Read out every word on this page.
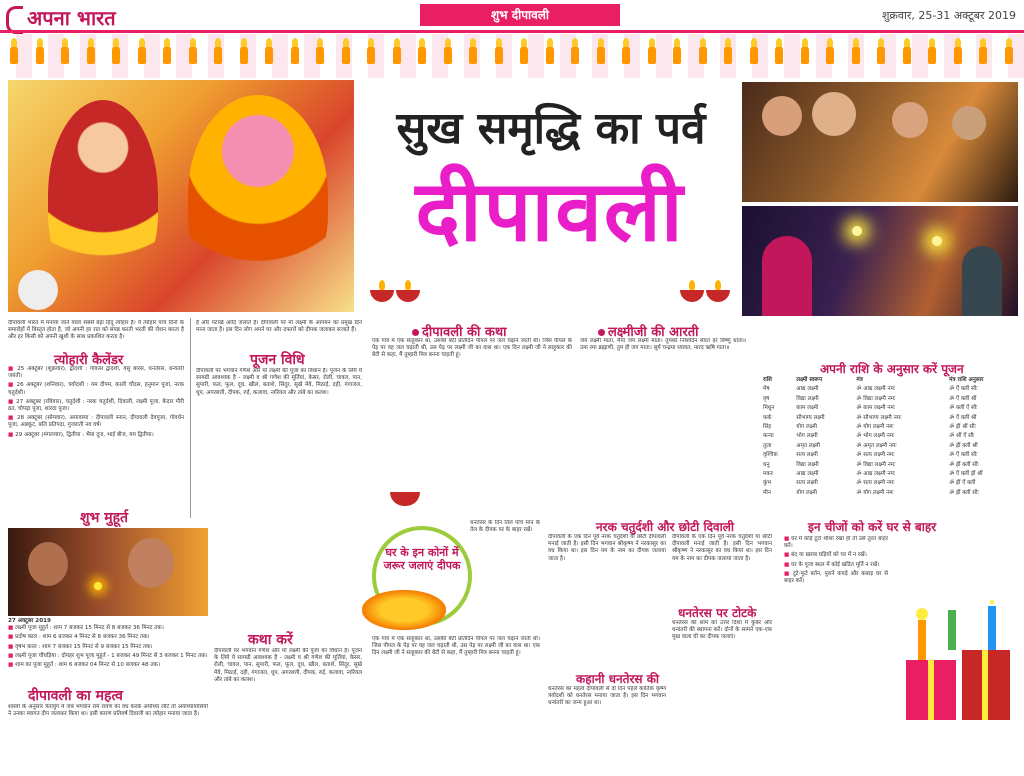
अपना भारत	शुभ दीपावली	शुक्रवार, 25-31 अक्टूबर 2019
सुख समृद्धि का पर्व
दीपावली
दीपावली भारत में मनाया जाने वाला सबसे बड़ा हिंदू त्योहार है। ये त्योहार पांच दिनों के समारोहों में विस्तृत होता है, जो अपनी हर रात को संपन्न करती भरती की रोशन करता है और हर किसी को अपनी खुशी के साथ प्रकाशित करता है।
त्योहारी कैलेंडर
■ 25 अक्टूबर (शुक्रवार), द्वादशी : गोवत्स द्वादशी, वसु बारस, धनतेरस, धन्वंतरी जयंती।
■ 26 अक्टूबर (शनिवार), त्रयोदशी : यम दीपम, काली चौदस, हनुमान पूजा, नरक चतुर्दशी।
■ 27 अक्टूबर (रविवार), चतुर्दशी : नरक चतुर्दशी, दिवाली, लक्ष्मी पूजा, केदार गौरी व्रत, चोपड़ा पूजा, शारदा पूजा।
■ 28 अक्टूबर (सोमवार), अमावस्या : दीपावली स्नान, दीपावली देवपूजा, गोवर्धन पूजा, अन्नकूट, बलि प्रतिपदा, गुजराती नव वर्ष।
■ 29 अक्टूबर (मंगलवार), द्वितीया : भैया दूज, भाई बीज, यम द्वितीया।
शुभ मुहूर्त
27 अक्टूबर 2019
■ लक्ष्मी पूजा मुहूर्त : शाम 7 बजकर 15 मिनट से 8 बजकर 36 मिनट तक।
■ प्रदोष काल : शाम 6 बजकर 4 मिनट से 8 बजकर 36 मिनट तक।
■ वृषभ काल : शाम 7 बजकर 15 मिनट से 9 बजकर 15 मिनट तक।
■ लक्ष्मी पूजा चौघड़िया : दोपहर शुभ पूजा मुहूर्त - 1 बजकर 49 मिनट से 3 बजकर 1 मिनट तक।
■ शाम का पूजा मुहूर्त : शाम 6 बजकर 04 मिनट से 10 बजकर 48 तक।
दीपावली का महत्व
शास्त्रों के अनुसार त्रेतायुग में जब भगवान राम रावण का वध करके अयोध्या लौटे तो अयोध्यावासियों ने उनका स्वागत दीप जलाकर किया था। इसी कारण प्रतिवर्ष दिवाली का त्योहार मनाया जाता है।
है और पटाखे आदि जलाते हैं। दीपावली पर माँ लक्ष्मी के आगमन का प्रमुख दिन माना जाता है। इस दिन लोग अपने घर और दफ्तरों को दीपक जलाकर सजाते हैं।
पूजन विधि
दीपावली पर भगवान गणेश और माँ लक्ष्मी की पूजा का विधान है। पूजन के लिये ये सामग्री आवश्यक है - लक्ष्मी व श्री गणेश की मूर्तियां, केसर, रोली, चावल, पान, सुपारी, फल, फूल, दूध, खील, बताशे, सिंदूर, सूखे मेवे, मिठाई, दही, गंगाजल, धूप, अगरबत्ती, दीपक, रुई, कलावा, नारियल और तांबे का कलश।
कथा करें
दीपावली पर भगवान गणेश और माँ लक्ष्मी की पूजा का विधान है। पूजन के लिये ये सामग्री आवश्यक है - लक्ष्मी व श्री गणेश की मूर्तियां, केसर, रोली, चावल, पान, सुपारी, फल, फूल, दूध, खील, बताशे, सिंदूर, सूखे मेवे, मिठाई, दही, गंगाजल, धूप, अगरबत्ती, दीपक, रुई, कलावा, नारियल और तांबे का कलश।
दीपावली की कथा
एक गांव में एक साहूकार था, उसकी बेटी प्रतिदिन पीपल पर जल चढ़ाने जाती थी। जिस पीपल के पेड़ पर वह जल चढ़ाती थी, उस पेड़ पर लक्ष्मी जी का वास था। एक दिन लक्ष्मी जी ने साहूकार की बेटी से कहा, मैं तुम्हारी मित्र बनना चाहती हूं।
लक्ष्मीजी की आरती
जय लक्ष्मी माता, मैया जय लक्ष्मी माता। तुमको निशिदिन सेवत हर विष्णु धाता॥ उमा रमा ब्रह्माणी, तुम ही जग माता। सूर्य चन्द्रमा ध्यावत, नारद ऋषि गाता॥
घर के इन कोनों में जरूर जलाएं दीपक
धनतेरस के दिन तिल पाँच मान के तेल के दीपक पर के बाहर रखें।
एक गांव में एक साहूकार था, उसकी बेटी प्रतिदिन पीपल पर जल चढ़ाने जाती थी। जिस पीपल के पेड़ पर वह जल चढ़ाती थी, उस पेड़ पर लक्ष्मी जी का वास था। एक दिन लक्ष्मी जी ने साहूकार की बेटी से कहा, मैं तुम्हारी मित्र बनना चाहती हूं।
नरक चतुर्दशी और छोटी दिवाली
दीपावली के एक दिन पूर्व नरक चतुर्दशी या छोटी दीपावली मनाई जाती है। इसी दिन भगवान श्रीकृष्ण ने नरकासुर का वध किया था। इस दिन यम के नाम का दीपक जलाया जाता है।
दीपावली के एक दिन पूर्व नरक चतुर्दशी या छोटी दीपावली मनाई जाती है। इसी दिन भगवान श्रीकृष्ण ने नरकासुर का वध किया था। इस दिन यम के नाम का दीपक जलाया जाता है।
कहानी धनतेरस की
धनतेरस का महत्व दीपावली से दो दिन पहले कार्तिक कृष्ण त्रयोदशी को धनतेरस मनाया जाता है। इस दिन भगवान धन्वंतरी का जन्म हुआ था।
धनतेरस पर टोटके
धनतेरस की शाम को उत्तर दिशा में कुबेर और धन्वंतरी की स्थापना करें। दोनों के सामने एक-एक मुख वाला घी का दीपक जलाएं।
अपनी राशि के अनुसार करें पूजन
राशि	लक्ष्मी स्वरूप	मंत्र	मंत्र राशि अनुसार
मेष	आद्य लक्ष्मी	ॐ आद्य लक्ष्म्यै नमः	ॐ ऐं क्लीं सौः
वृष	विद्या लक्ष्मी	ॐ विद्या लक्ष्म्यै नमः	ॐ ऐं क्लीं श्रीं
मिथुन	काम लक्ष्मी	ॐ काम लक्ष्म्यै नमः	ॐ क्लीं ऐं सौः
कर्क	सौभाग्य लक्ष्मी	ॐ सौभाग्य लक्ष्म्यै नमः	ॐ ऐं क्लीं श्रीं
सिंह	योग लक्ष्मी	ॐ योग लक्ष्म्यै नमः	ॐ ह्रीं श्रीं सौः
कन्या	भोग लक्ष्मी	ॐ भोग लक्ष्म्यै नमः	ॐ श्रीं ऐं सौः
तुला	अमृत लक्ष्मी	ॐ अमृत लक्ष्म्यै नमः	ॐ ह्रीं क्लीं श्रीं
वृश्चिक	सत्य लक्ष्मी	ॐ सत्य लक्ष्म्यै नमः	ॐ ऐं क्लीं सौः
धनु	विद्या लक्ष्मी	ॐ विद्या लक्ष्म्यै नमः	ॐ ह्रीं क्लीं सौः
मकर	आद्य लक्ष्मी	ॐ आद्य लक्ष्म्यै नमः	ॐ ऐं क्लीं ह्रीं श्रीं
कुंभ	सत्य लक्ष्मी	ॐ सत्य लक्ष्म्यै नमः	ॐ ह्रीं ऐं क्लीं
मीन	योग लक्ष्मी	ॐ योग लक्ष्म्यै नमः	ॐ ह्रीं क्लीं सौः
इन चीजों को करें घर से बाहर
■ घर में कोई टूटा शीशा रखा हो तो उसे तुरंत बाहर करें।
■ बंद या खराब घड़ियों को घर में न रखें।
■ घर के पूजा स्थल में कोई खंडित मूर्ति न रखें।
■ टूटे-फूटे बर्तन, पुराने कपड़े और कबाड़ घर से बाहर करें।
